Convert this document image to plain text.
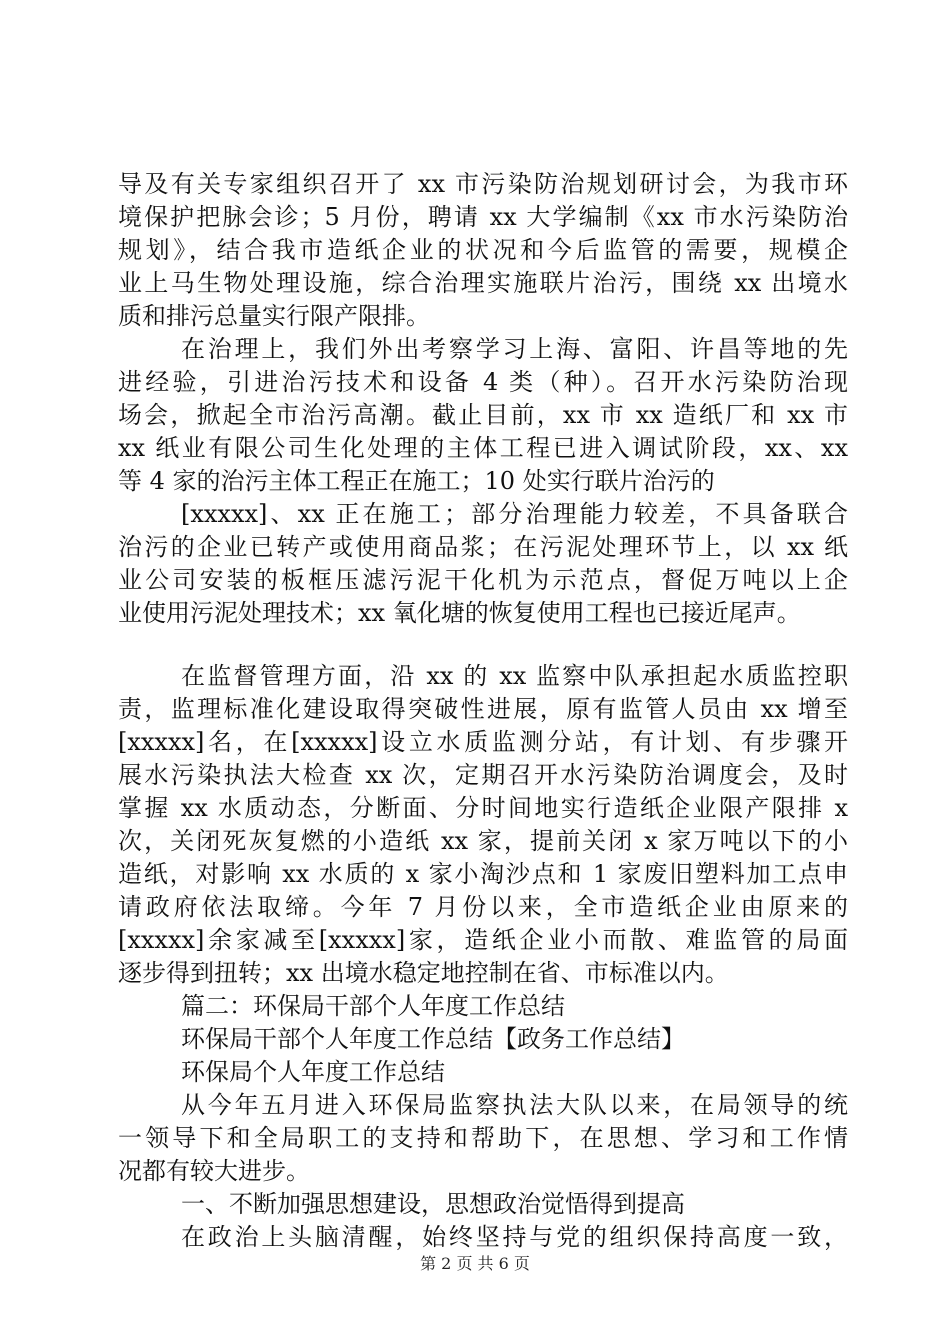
导及有关专家组织召开了 xx 市污染防治规划研讨会，为我市环
境保护把脉会诊；5 月份，聘请 xx 大学编制《xx 市水污染防治
规划》，结合我市造纸企业的状况和今后监管的需要，规模企
业上马生物处理设施，综合治理实施联片治污，围绕 xx 出境水
质和排污总量实行限产限排。
在治理上，我们外出考察学习上海、富阳、许昌等地的先
进经验，引进治污技术和设备 4 类（种）。召开水污染防治现
场会，掀起全市治污高潮。截止目前，xx 市 xx 造纸厂和 xx 市
xx 纸业有限公司生化处理的主体工程已进入调试阶段，xx、xx
等 4 家的治污主体工程正在施工；10 处实行联片治污的
[xxxxx]、xx 正在施工；部分治理能力较差，不具备联合
治污的企业已转产或使用商品浆；在污泥处理环节上，以 xx 纸
业公司安装的板框压滤污泥干化机为示范点，督促万吨以上企
业使用污泥处理技术；xx 氧化塘的恢复使用工程也已接近尾声。
在监督管理方面，沿 xx 的 xx 监察中队承担起水质监控职
责，监理标准化建设取得突破性进展，原有监管人员由 xx 增至
[xxxxx]名，在[xxxxx]设立水质监测分站，有计划、有步骤开
展水污染执法大检查 xx 次，定期召开水污染防治调度会，及时
掌握 xx 水质动态，分断面、分时间地实行造纸企业限产限排 x
次，关闭死灰复燃的小造纸 xx 家，提前关闭 x 家万吨以下的小
造纸，对影响 xx 水质的 x 家小淘沙点和 1 家废旧塑料加工点申
请政府依法取缔。今年 7 月份以来，全市造纸企业由原来的
[xxxxx]余家减至[xxxxx]家，造纸企业小而散、难监管的局面
逐步得到扭转；xx 出境水稳定地控制在省、市标准以内。
篇二：环保局干部个人年度工作总结
环保局干部个人年度工作总结【政务工作总结】
环保局个人年度工作总结
从今年五月进入环保局监察执法大队以来，在局领导的统
一领导下和全局职工的支持和帮助下，在思想、学习和工作情
况都有较大进步。
一、不断加强思想建设，思想政治觉悟得到提高
在政治上头脑清醒，始终坚持与党的组织保持高度一致，
第 2 页 共 6 页
